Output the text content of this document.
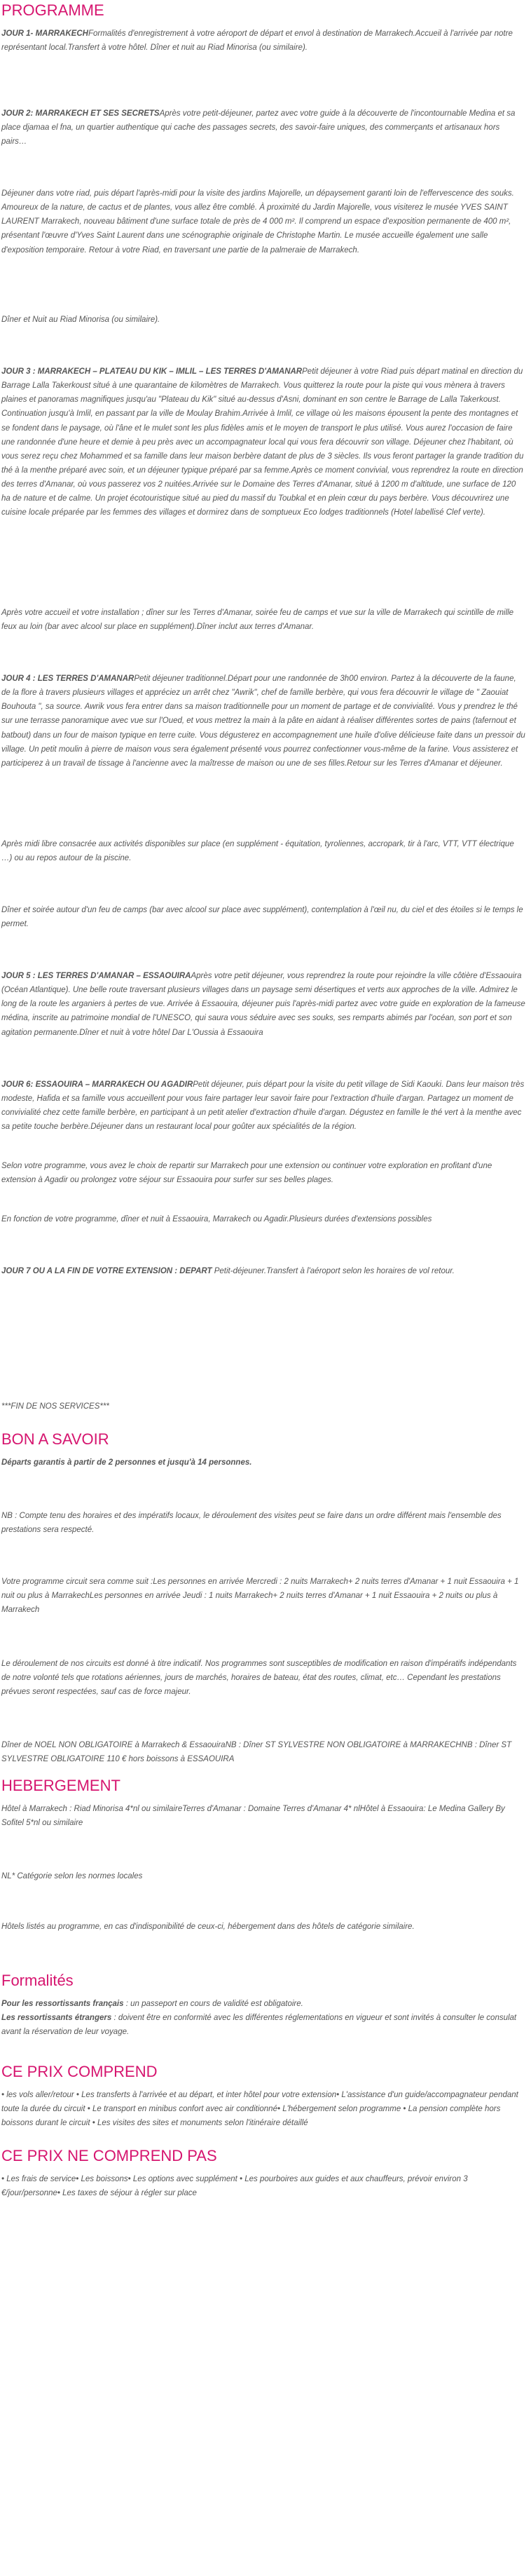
PROGRAMME

JOUR 1- MARRAKECHFormalités d'enregistrement à votre aéroport de départ et envol à destination de Marrakech.Accueil à l'arrivée par notre représentant local.Transfert à votre hôtel. Dîner et nuit au Riad Minorisa (ou similaire).

JOUR 2: MARRAKECH ET SES SECRETSAprès votre petit-déjeuner, partez avec votre guide à la découverte de l'incontournable Medina et sa place djamaa el fna, un quartier authentique qui cache des passages secrets, des savoir-faire uniques, des commerçants et artisanaux hors pairs…

Déjeuner dans votre riad, puis départ l'après-midi pour la visite des jardins Majorelle, un dépaysement garanti loin de l'effervescence des souks. Amoureux de la nature, de cactus et de plantes, vous allez être comblé. À proximité du Jardin Majorelle, vous visiterez le musée YVES SAINT LAURENT Marrakech, nouveau bâtiment d'une surface totale de près de 4 000 m². Il comprend un espace d'exposition permanente de 400 m², présentant l'œuvre d'Yves Saint Laurent dans une scénographie originale de Christophe Martin. Le musée accueille également une salle d'exposition temporaire. Retour à votre Riad, en traversant une partie de la palmeraie de Marrakech.

Dîner et Nuit au Riad Minorisa (ou similaire).

JOUR 3 : MARRAKECH – PLATEAU DU KIK – IMLIL – LES TERRES D'AMANARPetit déjeuner à votre Riad puis départ matinal en direction du Barrage Lalla Takerkoust situé à une quarantaine de kilomètres de Marrakech. Vous quitterez la route pour la piste qui vous mènera à travers plaines et panoramas magnifiques jusqu'au "Plateau du Kik" situé au-dessus d'Asni, dominant en son centre le Barrage de Lalla Takerkoust. Continuation jusqu'à Imlil, en passant par la ville de Moulay Brahim.Arrivée à Imlil, ce village où les maisons épousent la pente des montagnes et se fondent dans le paysage, où l'âne et le mulet sont les plus fidèles amis et le moyen de transport le plus utilisé. Vous aurez l'occasion de faire une randonnée d'une heure et demie à peu près avec un accompagnateur local qui vous fera découvrir son village. Déjeuner chez l'habitant, où vous serez reçu chez Mohammed et sa famille dans leur maison berbère datant de plus de 3 siècles. Ils vous feront partager la grande tradition du thé à la menthe préparé avec soin, et un déjeuner typique préparé par sa femme.Après ce moment convivial, vous reprendrez la route en direction des terres d'Amanar, où vous passerez vos 2 nuitées.Arrivée sur le Domaine des Terres d'Amanar, situé à 1200 m d'altitude, une surface de 120 ha de nature et de calme. Un projet écotouristique situé au pied du massif du Toubkal et en plein cœur du pays berbère. Vous découvrirez une cuisine locale préparée par les femmes des villages et dormirez dans de somptueux Eco lodges traditionnels (Hotel labellisé Clef verte).

Après votre accueil et votre installation ; dîner sur les Terres d'Amanar, soirée feu de camps et vue sur la ville de Marrakech qui scintille de mille feux au loin (bar avec alcool sur place en supplément).Dîner inclut aux terres d'Amanar.

JOUR 4 : LES TERRES D'AMANARPetit déjeuner traditionnel.Départ pour une randonnée de 3h00 environ. Partez à la découverte de la faune, de la flore à travers plusieurs villages et appréciez un arrêt chez "Awrik", chef de famille berbère, qui vous fera découvrir le village de " Zaouiat Bouhouta ", sa source. Awrik vous fera entrer dans sa maison traditionnelle pour un moment de partage et de convivialité. Vous y prendrez le thé sur une terrasse panoramique avec vue sur l'Oued, et vous mettrez la main à la pâte en aidant à réaliser différentes sortes de pains (tafernout et batbout) dans un four de maison typique en terre cuite. Vous dégusterez en accompagnement une huile d'olive délicieuse faite dans un pressoir du village. Un petit moulin à pierre de maison vous sera également présenté vous pourrez confectionner vous-même de la farine. Vous assisterez et participerez à un travail de tissage à l'ancienne avec la maîtresse de maison ou une de ses filles.Retour sur les Terres d'Amanar et déjeuner.

Après midi libre consacrée aux activités disponibles sur place (en supplément - équitation, tyroliennes, accropark, tir à l'arc, VTT, VTT électrique …) ou au repos autour de la piscine.

Dîner et soirée autour d'un feu de camps (bar avec alcool sur place avec supplément), contemplation à l'œil nu, du ciel et des étoiles si le temps le permet.

JOUR 5 : LES TERRES D'AMANAR – ESSAOUIRAAprès votre petit déjeuner, vous reprendrez la route pour rejoindre la ville côtière d'Essaouira (Océan Atlantique). Une belle route traversant plusieurs villages dans un paysage semi désertiques et verts aux approches de la ville. Admirez le long de la route les arganiers à pertes de vue. Arrivée à Essaouira, déjeuner puis l'après-midi partez avec votre guide en exploration de la fameuse médina, inscrite au patrimoine mondial de l'UNESCO, qui saura vous séduire avec ses souks, ses remparts abimés par l'océan, son port et son agitation permanente.Dîner et nuit à votre hôtel Dar L'Oussia à Essaouira

JOUR 6: ESSAOUIRA – MARRAKECH OU AGADIRPetit déjeuner, puis départ pour la visite du petit village de Sidi Kaouki. Dans leur maison très modeste, Hafida et sa famille vous accueillent pour vous faire partager leur savoir faire pour l'extraction d'huile d'argan. Partagez un moment de convivialité chez cette famille berbère, en participant à un petit atelier d'extraction d'huile d'argan. Dégustez en famille le thé vert à la menthe avec sa petite touche berbère.Déjeuner dans un restaurant local pour goûter aux spécialités de la région.

Selon votre programme, vous avez le choix de repartir sur Marrakech pour une extension ou continuer votre exploration en profitant d'une extension à Agadir ou prolongez votre séjour sur Essaouira pour surfer sur ses belles plages.

En fonction de votre programme, dîner et nuit à Essaouira, Marrakech ou Agadir.Plusieurs durées d'extensions possibles

JOUR 7 OU A LA FIN DE VOTRE EXTENSION : DEPART Petit-déjeuner.Transfert à l'aéroport selon les horaires de vol retour.

***FIN DE NOS SERVICES***

BON A SAVOIR

Départs garantis à partir de 2 personnes et jusqu'à 14 personnes.

NB : Compte tenu des horaires et des impératifs locaux, le déroulement des visites peut se faire dans un ordre différent mais l'ensemble des prestations sera respecté.

Votre programme circuit sera comme suit :Les personnes en arrivée Mercredi : 2 nuits Marrakech+ 2 nuits terres d'Amanar + 1 nuit Essaouira + 1 nuit ou plus à MarrakechLes personnes en arrivée Jeudi : 1 nuits Marrakech+ 2 nuits terres d'Amanar + 1 nuit Essaouira + 2 nuits ou plus à Marrakech

Le déroulement de nos circuits est donné à titre indicatif. Nos programmes sont susceptibles de modification en raison d'impératifs indépendants de notre volonté tels que rotations aériennes, jours de marchés, horaires de bateau, état des routes, climat, etc… Cependant les prestations prévues seront respectées, sauf cas de force majeur.

Dîner de NOEL NON OBLIGATOIRE à Marrakech & EssaouiraNB : Dîner ST SYLVESTRE NON OBLIGATOIRE à MARRAKECHNB : Dîner ST SYLVESTRE OBLIGATOIRE 110 € hors boissons à ESSAOUIRA

HEBERGEMENT

Hôtel à Marrakech : Riad Minorisa 4*nl ou similaireTerres d'Amanar : Domaine Terres d'Amanar 4* nlHôtel à Essaouira: Le Medina Gallery By Sofitel 5*nl ou similaire

NL* Catégorie selon les normes locales

Hôtels listés au programme, en cas d'indisponibilité de ceux-ci, hébergement dans des hôtels de catégorie similaire.

Formalités

Pour les ressortissants français : un passeport en cours de validité est obligatoire.
Les ressortissants étrangers : doivent être en conformité avec les différentes réglementations en vigueur et sont invités à consulter le consulat avant la réservation de leur voyage.

CE PRIX COMPREND

• les vols aller/retour • Les transferts à l'arrivée et au départ, et inter hôtel pour votre extension• L'assistance d'un guide/accompagnateur pendant toute la durée du circuit • Le transport en minibus confort avec air conditionné• L'hébergement selon programme • La pension complète hors boissons durant le circuit • Les visites des sites et monuments selon l'itinéraire détaillé

CE PRIX NE COMPREND PAS

• Les frais de service• Les boissons• Les options avec supplément • Les pourboires aux guides et aux chauffeurs, prévoir environ 3 €/jour/personne• Les taxes de séjour à régler sur place
